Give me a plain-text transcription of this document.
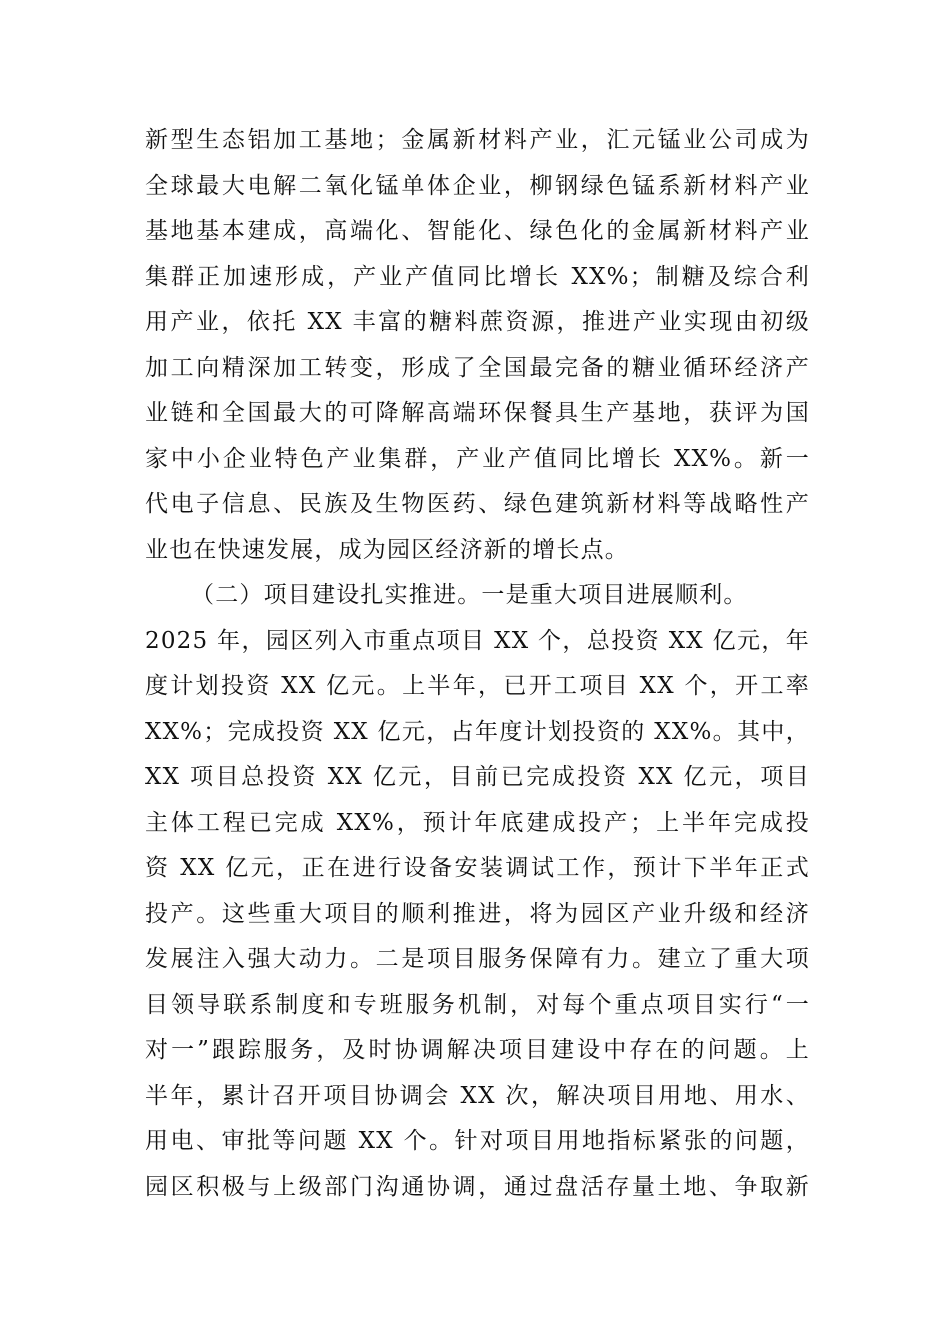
新型生态铝加工基地；金属新材料产业，汇元锰业公司成为
全球最大电解二氧化锰单体企业，柳钢绿色锰系新材料产业
基地基本建成，高端化、智能化、绿色化的金属新材料产业
集群正加速形成，产业产值同比增长 XX%；制糖及综合利
用产业，依托 XX 丰富的糖料蔗资源，推进产业实现由初级
加工向精深加工转变，形成了全国最完备的糖业循环经济产
业链和全国最大的可降解高端环保餐具生产基地，获评为国
家中小企业特色产业集群，产业产值同比增长 XX%。新一
代电子信息、民族及生物医药、绿色建筑新材料等战略性产
业也在快速发展，成为园区经济新的增长点。
（二）项目建设扎实推进。一是重大项目进展顺利。
2025 年，园区列入市重点项目 XX 个，总投资 XX 亿元，年
度计划投资 XX 亿元。上半年，已开工项目 XX 个，开工率
XX%；完成投资 XX 亿元，占年度计划投资的 XX%。其中，
XX 项目总投资 XX 亿元，目前已完成投资 XX 亿元，项目
主体工程已完成 XX%，预计年底建成投产；上半年完成投
资 XX 亿元，正在进行设备安装调试工作，预计下半年正式
投产。这些重大项目的顺利推进，将为园区产业升级和经济
发展注入强大动力。二是项目服务保障有力。建立了重大项
目领导联系制度和专班服务机制，对每个重点项目实行“一
对一”跟踪服务，及时协调解决项目建设中存在的问题。上
半年，累计召开项目协调会 XX 次，解决项目用地、用水、
用电、审批等问题 XX 个。针对项目用地指标紧张的问题，
园区积极与上级部门沟通协调，通过盘活存量土地、争取新
